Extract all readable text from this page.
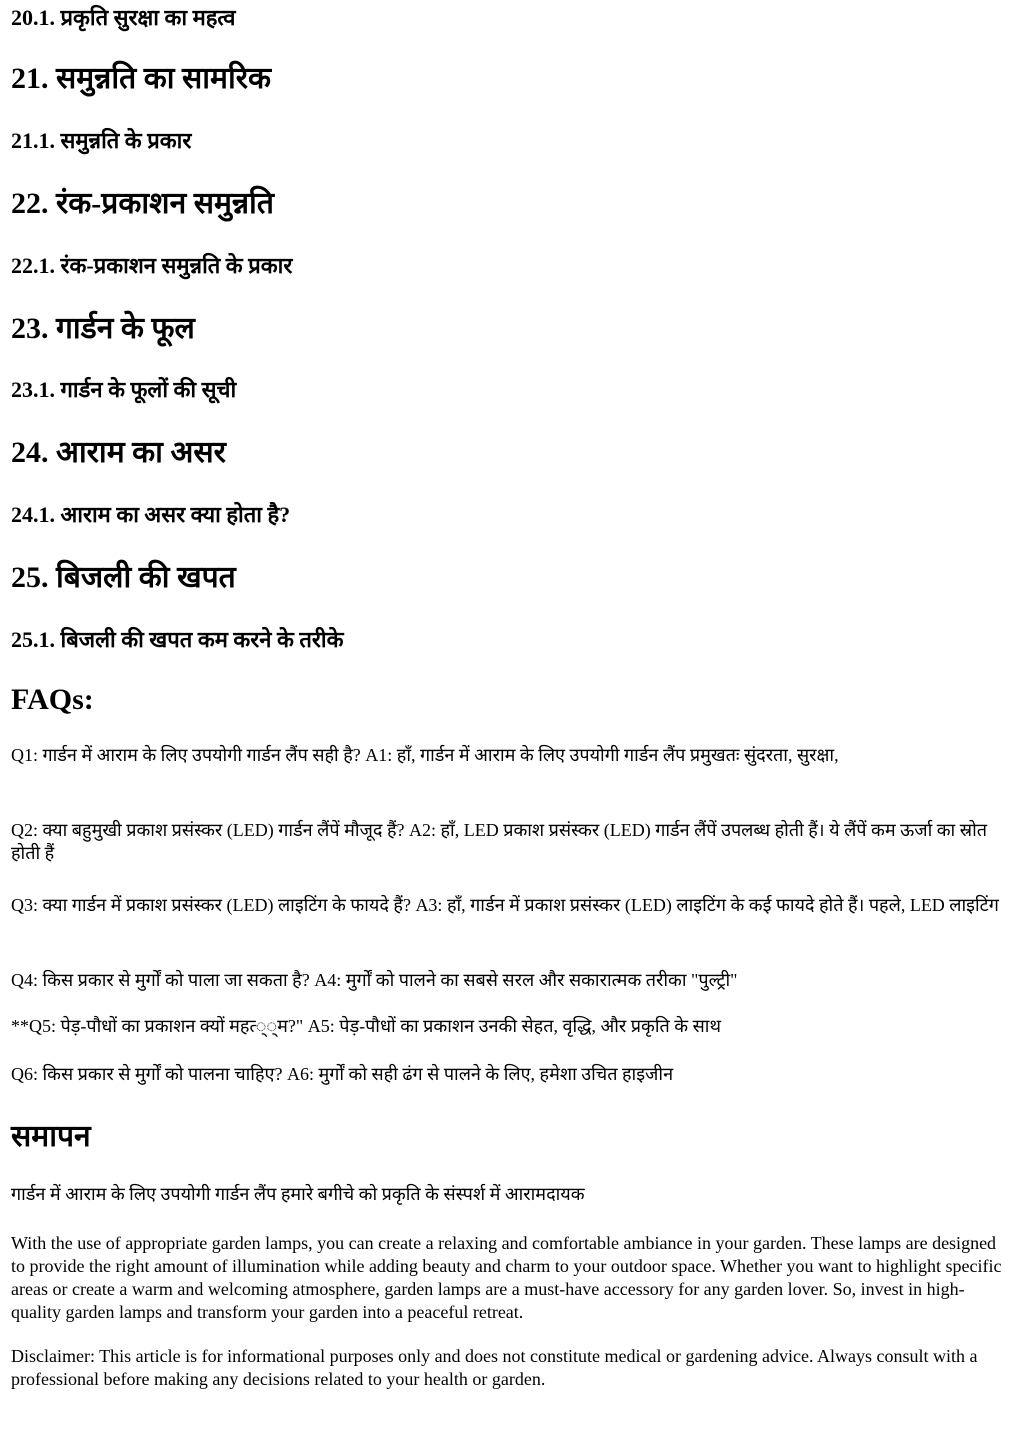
20.1. प्रकृति सुरक्षा का महत्व
21. समुन्नति का सामरिक
21.1. समुन्नति के प्रकार
22. रंक-प्रकाशन समुन्नति
22.1. रंक-प्रकाशन समुन्नति के प्रकार
23. गार्डन के फूल
23.1. गार्डन के फूलों की सूची
24. आराम का असर
24.1. आराम का असर क्या होता है?
25. बिजली की खपत
25.1. बिजली की खपत कम करने के तरीके
FAQs:

Q1: गार्डन में आराम के लिए उपयोगी गार्डन लैंप सही है? A1: हाँ, गार्डन में आराम के लिए उपयोगी गार्डन लैंप प्रमुखतः सुंदरता, सुरक्षा,

Q2: क्या बहुमुखी प्रकाश प्रसंस्कर (LED) गार्डन लैंपें मौजूद हैं? A2: हाँ, LED प्रकाश प्रसंस्कर (LED) गार्डन लैंपें उपलब्ध होती हैं। ये लैंपें कम ऊर्जा का स्रोत होती हैं

Q3: क्या गार्डन में प्रकाश प्रसंस्कर (LED) लाइटिंग के फायदे हैं? A3: हाँ, गार्डन में प्रकाश प्रसंस्कर (LED) लाइटिंग के कई फायदे होते हैं। पहले, LED लाइटिंग

Q4: किस प्रकार से मुर्गों को पाला जा सकता है? A4: मुर्गों को पालने का सबसे सरल और सकारात्मक तरीका "पुल्ट्री"

**Q5: पेड़-पौधों का प्रकाशन क्यों महत्‍्‍्‍म?" A5: पेड़-पौधों का प्रकाशन उनकी सेहत, वृद्धि, और प्रकृति के साथ

Q6: किस प्रकार से मुर्गों को पालना चाहिए? A6: मुर्गों को सही ढंग से पालने के लिए, हमेशा उचित हाइजीन

समापन

गार्डन में आराम के लिए उपयोगी गार्डन लैंप हमारे बगीचे को प्रकृति के संस्पर्श में आरामदायक

With the use of appropriate garden lamps, you can create a relaxing and comfortable ambiance in your garden. These lamps are designed to provide the right amount of illumination while adding beauty and charm to your outdoor space. Whether you want to highlight specific areas or create a warm and welcoming atmosphere, garden lamps are a must-have accessory for any garden lover. So, invest in high-quality garden lamps and transform your garden into a peaceful retreat.

Disclaimer: This article is for informational purposes only and does not constitute medical or gardening advice. Always consult with a professional before making any decisions related to your health or garden.
